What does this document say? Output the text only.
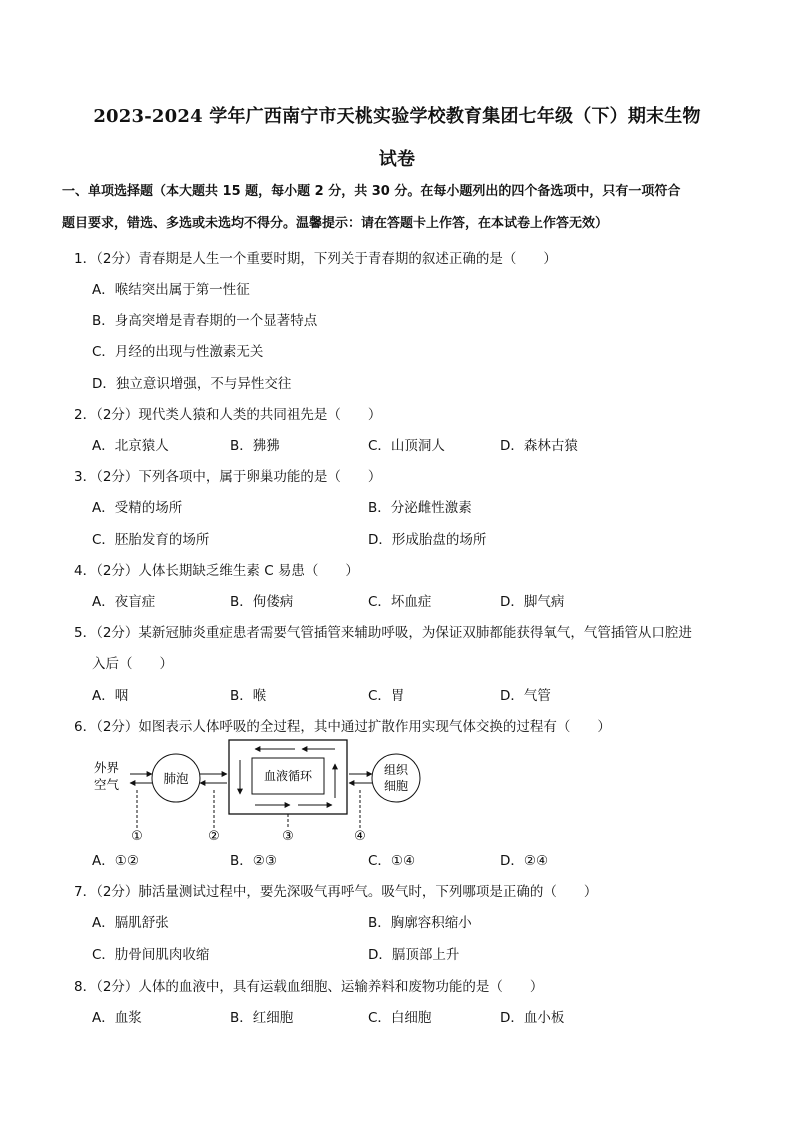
2023-2024 学年广西南宁市天桃实验学校教育集团七年级（下）期末生物
试卷
一、单项选择题（本大题共 15 题，每小题 2 分，共 30 分。在每小题列出的四个备选项中，只有一项符合
题目要求，错选、多选或未选均不得分。温馨提示：请在答题卡上作答，在本试卷上作答无效）
1．（2分）青春期是人生一个重要时期，下列关于青春期的叙述正确的是（　　）
A．喉结突出属于第一性征
B．身高突增是青春期的一个显著特点
C．月经的出现与性激素无关
D．独立意识增强，不与异性交往
2．（2分）现代类人猿和人类的共同祖先是（　　）
A．北京猿人	B．狒狒	C．山顶洞人	D．森林古猿
3．（2分）下列各项中，属于卵巢功能的是（　　）
A．受精的场所	B．分泌雌性激素
C．胚胎发育的场所	D．形成胎盘的场所
4．（2分）人体长期缺乏维生素 C 易患（　　）
A．夜盲症	B．佝偻病	C．坏血症	D．脚气病
5．（2分）某新冠肺炎重症患者需要气管插管来辅助呼吸，为保证双肺都能获得氧气，气管插管从口腔进
入后（　　）
A．咽	B．喉	C．胃	D．气管
6．（2分）如图表示人体呼吸的全过程，其中通过扩散作用实现气体交换的过程有（　　）
外界
空气	肺泡	血液循环	组织
细胞
①	②	③	④
A．①②	B．②③	C．①④	D．②④
7．（2分）肺活量测试过程中，要先深吸气再呼气。吸气时，下列哪项是正确的（　　）
A．膈肌舒张	B．胸廓容积缩小
C．肋骨间肌肉收缩	D．膈顶部上升
8．（2分）人体的血液中，具有运载血细胞、运输养料和废物功能的是（　　）
A．血浆	B．红细胞	C．白细胞	D．血小板
